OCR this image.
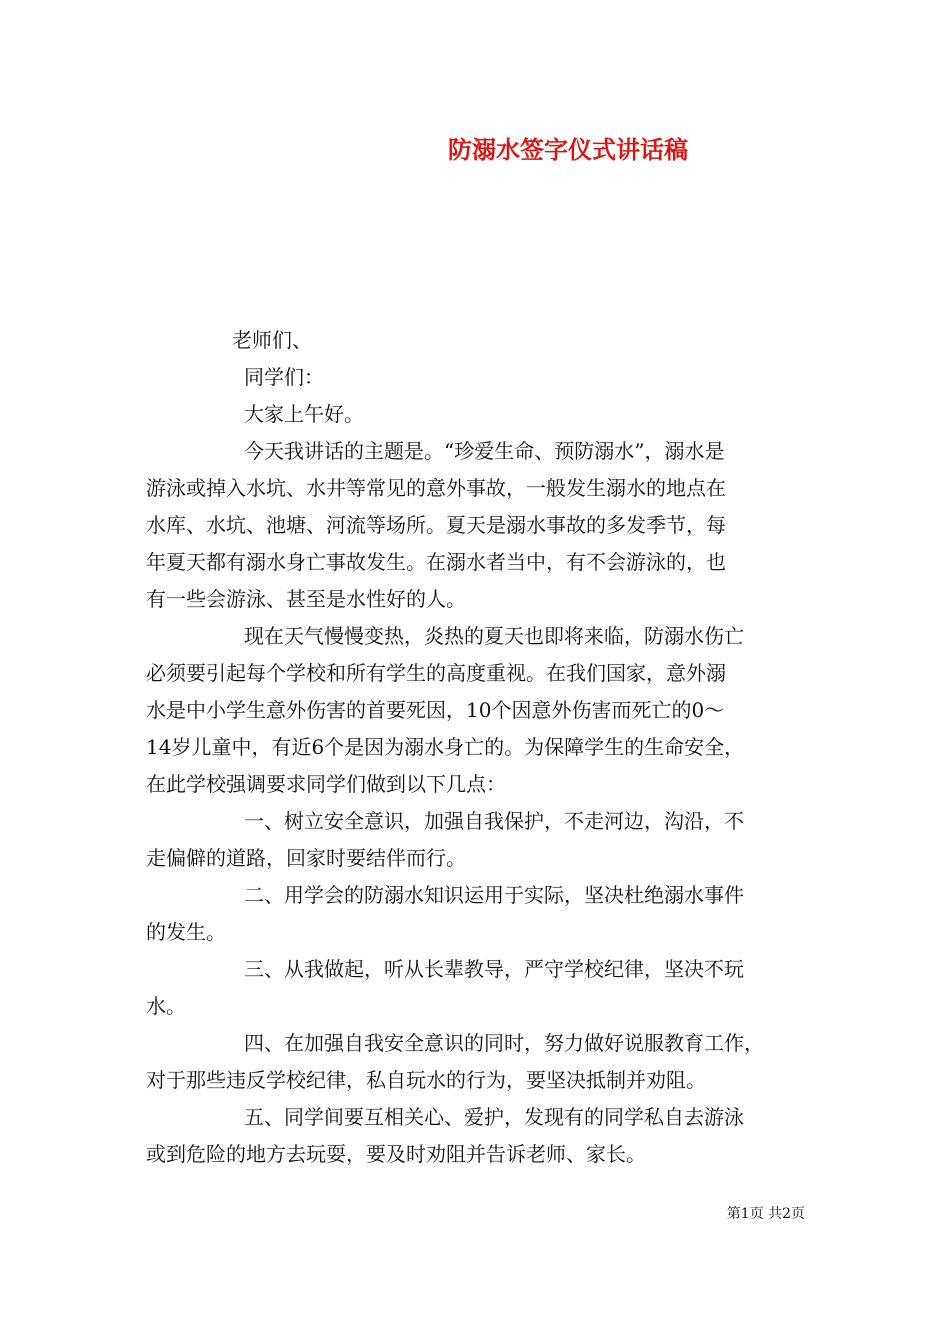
防溺水签字仪式讲话稿
老师们、
同学们：
大家上午好。
今天我讲话的主题是。“珍爱生命、预防溺水”，溺水是
游泳或掉入水坑、水井等常见的意外事故，一般发生溺水的地点在
水库、水坑、池塘、河流等场所。夏天是溺水事故的多发季节，每
年夏天都有溺水身亡事故发生。在溺水者当中，有不会游泳的，也
有一些会游泳、甚至是水性好的人。
现在天气慢慢变热，炎热的夏天也即将来临，防溺水伤亡
必须要引起每个学校和所有学生的高度重视。在我们国家，意外溺
水是中小学生意外伤害的首要死因，10个因意外伤害而死亡的0～
14岁儿童中，有近6个是因为溺水身亡的。为保障学生的生命安全，
在此学校强调要求同学们做到以下几点：
一、树立安全意识，加强自我保护，不走河边，沟沿，不
走偏僻的道路，回家时要结伴而行。
二、用学会的防溺水知识运用于实际，坚决杜绝溺水事件
的发生。
三、从我做起，听从长辈教导，严守学校纪律，坚决不玩
水。
四、在加强自我安全意识的同时，努力做好说服教育工作，
对于那些违反学校纪律，私自玩水的行为，要坚决抵制并劝阻。
五、同学间要互相关心、爱护，发现有的同学私自去游泳
或到危险的地方去玩耍，要及时劝阻并告诉老师、家长。
第1页 共2页
